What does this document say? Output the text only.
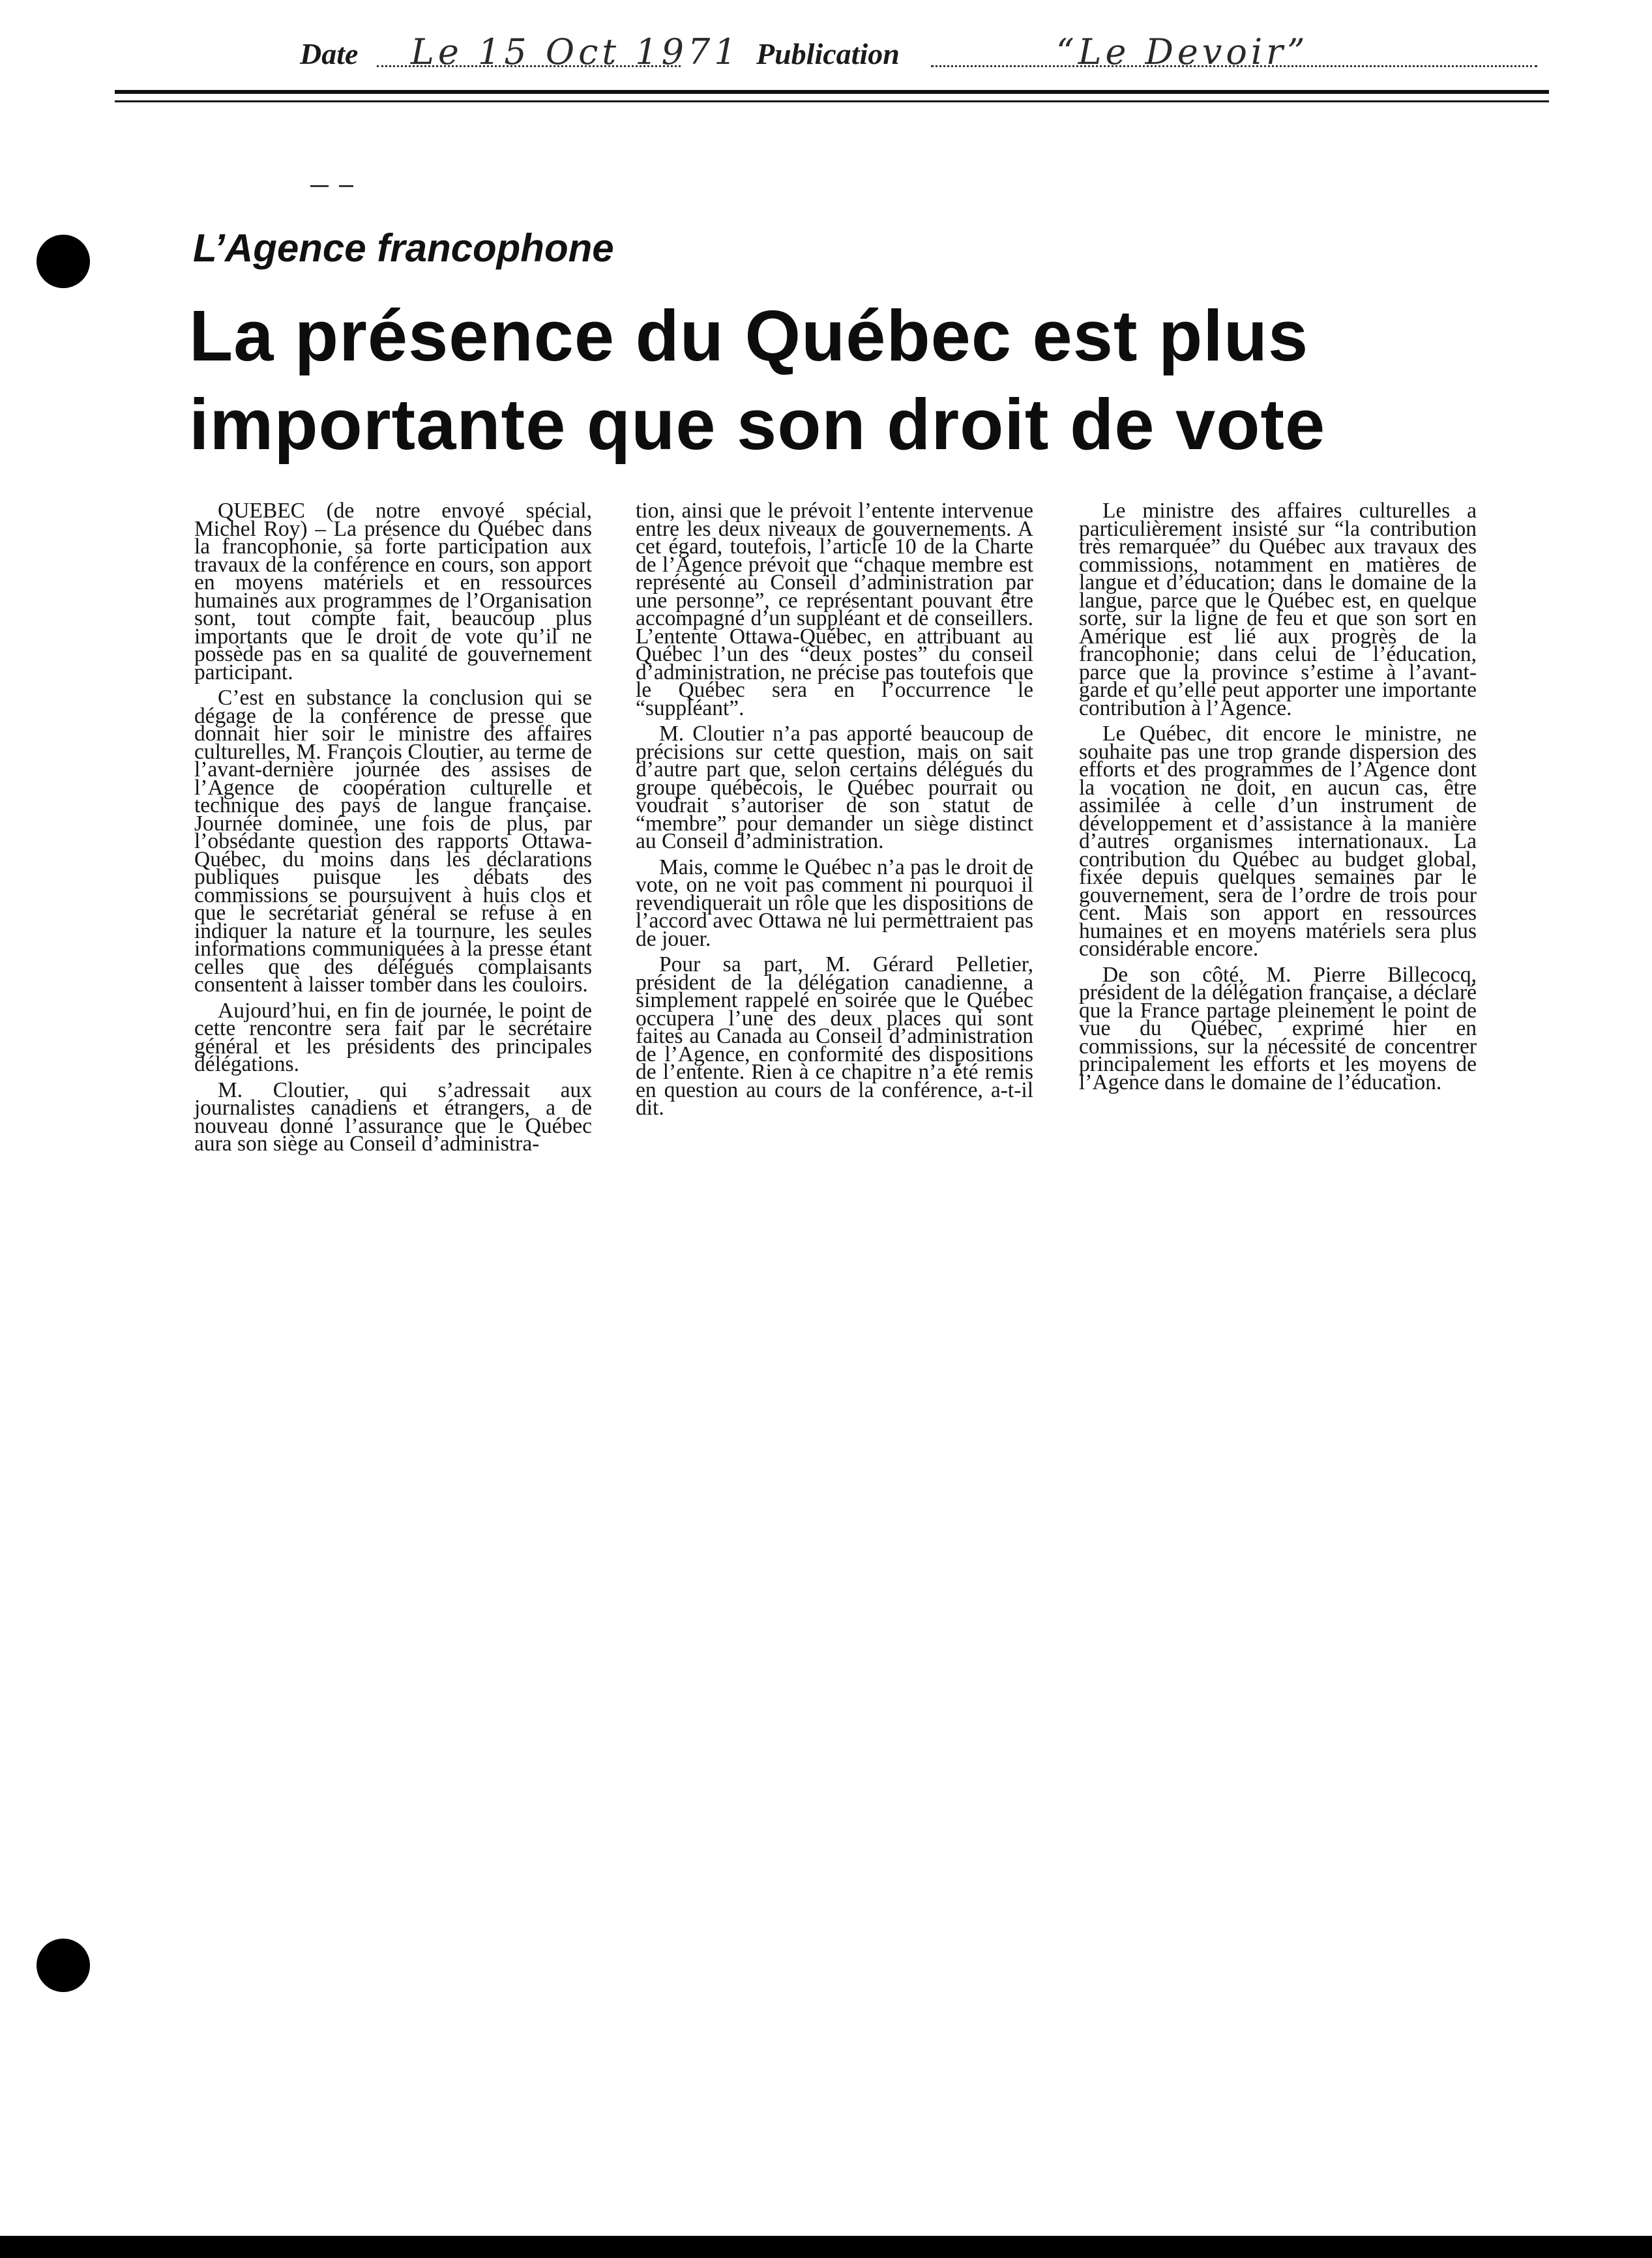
Date Le 15 Oct 1971 Publication	“Le Devoir”
L’Agence francophone
La présence du Québec est plus
importante que son droit de vote

QUEBEC (de notre envoyé spécial, Michel Roy) – La présence du Québec dans la francophonie, sa forte participation aux travaux de la conférence en cours, son apport en moyens matériels et en ressources humaines aux programmes de l’Organisation sont, tout compte fait, beaucoup plus importants que le droit de vote qu’il ne possède pas en sa qualité de gouvernement participant.

C’est en substance la conclusion qui se dégage de la conférence de presse que donnait hier soir le ministre des affaires culturelles, M. François Cloutier, au terme de l’avant-dernière journée des assises de l’Agence de coopération culturelle et technique des pays de langue française. Journée dominée, une fois de plus, par l’obsédante question des rapports Ottawa-Québec, du moins dans les déclarations publiques puisque les débats des commissions se poursuivent à huis clos et que le secrétariat général se refuse à en indiquer la nature et la tournure, les seules informations communiquées à la presse étant celles que des délégués complaisants consentent à laisser tomber dans les couloirs.

Aujourd’hui, en fin de journée, le point de cette rencontre sera fait par le secrétaire général et les présidents des principales délégations.

M. Cloutier, qui s’adressait aux journalistes canadiens et étrangers, a de nouveau donné l’assurance que le Québec aura son siège au Conseil d’administra-

tion, ainsi que le prévoit l’entente intervenue entre les deux niveaux de gouvernements. A cet égard, toutefois, l’article 10 de la Charte de l’Agence prévoit que “chaque membre est représenté au Conseil d’administration par une personne”, ce représentant pouvant être accompagné d’un suppléant et de conseillers. L’entente Ottawa-Québec, en attribuant au Québec l’un des “deux postes” du conseil d’administration, ne précise pas toutefois que le Québec sera en l’occurrence le “suppléant”.

M. Cloutier n’a pas apporté beaucoup de précisions sur cette question, mais on sait d’autre part que, selon certains délégués du groupe québécois, le Québec pourrait ou voudrait s’autoriser de son statut de “membre” pour demander un siège distinct au Conseil d’administration.

Mais, comme le Québec n’a pas le droit de vote, on ne voit pas comment ni pourquoi il revendiquerait un rôle que les dispositions de l’accord avec Ottawa ne lui permettraient pas de jouer.

Pour sa part, M. Gérard Pelletier, président de la délégation canadienne, a simplement rappelé en soirée que le Québec occupera l’une des deux places qui sont faites au Canada au Conseil d’administration de l’Agence, en conformité des dispositions de l’entente. Rien à ce chapitre n’a été remis en question au cours de la conférence, a-t-il dit.

Le ministre des affaires culturelles a particulièrement insisté sur “la contribution très remarquée” du Québec aux travaux des commissions, notamment en matières de langue et d’éducation; dans le domaine de la langue, parce que le Québec est, en quelque sorte, sur la ligne de feu et que son sort en Amérique est lié aux progrès de la francophonie; dans celui de l’éducation, parce que la province s’estime à l’avant-garde et qu’elle peut apporter une importante contribution à l’Agence.

Le Québec, dit encore le ministre, ne souhaite pas une trop grande dispersion des efforts et des programmes de l’Agence dont la vocation ne doit, en aucun cas, être assimilée à celle d’un instrument de développement et d’assistance à la manière d’autres organismes internationaux. La contribution du Québec au budget global, fixée depuis quelques semaines par le gouvernement, sera de l’ordre de trois pour cent. Mais son apport en ressources humaines et en moyens matériels sera plus considérable encore.

De son côté, M. Pierre Billecocq, président de la délégation française, a déclaré que la France partage pleinement le point de vue du Québec, exprimé hier en commissions, sur la nécessité de concentrer principalement les efforts et les moyens de l’Agence dans le domaine de l’éducation.
